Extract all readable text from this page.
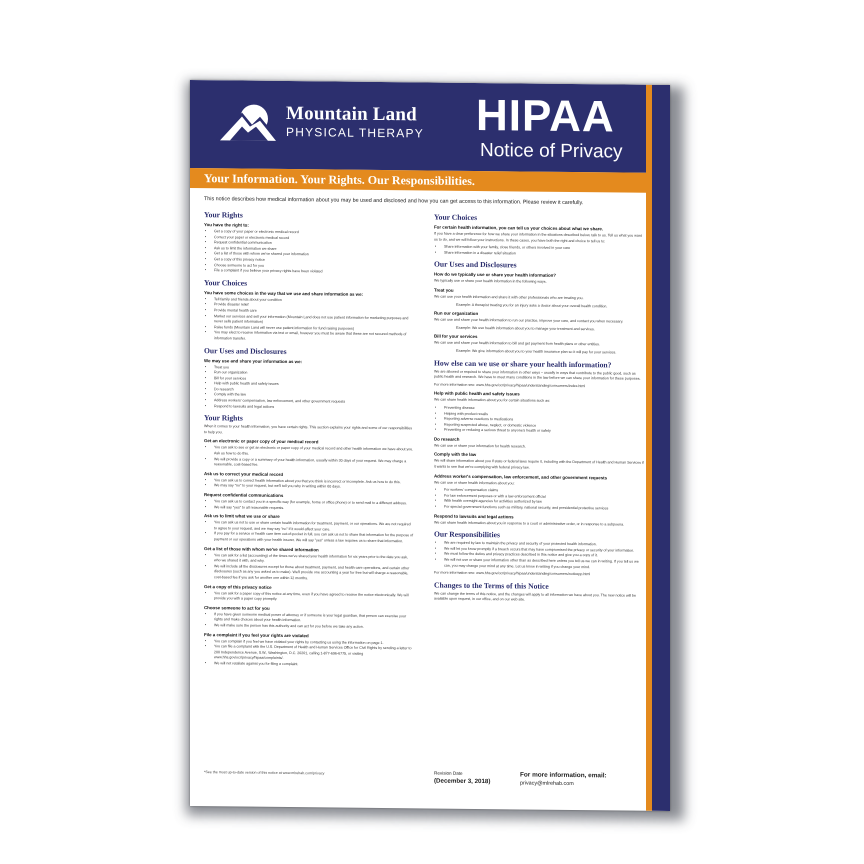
Mountain Land
PHYSICAL THERAPY HIPAA
Notice of Privacy
Your Information. Your Rights. Our Responsibilities.
This notice describes how medical information about you may be used and disclosed and how you can get access to this information. Please review it carefully.
Your Rights
You have the right to:
• Get a copy of your paper or electronic medical record
• Correct your paper or electronic medical record
• Request confidential communication
• Ask us to limit the information we share
• Get a list of those with whom we've shared your information
• Get a copy of this privacy notice
• Choose someone to act for you
• File a complaint if you believe your privacy rights have been violated
Your Choices
You have some choices in the way that we use and share information as we:
• Tell family and friends about your condition
• Provide disaster relief
• Provide mental health care
• Market our services and sell your information (Mountain Land does not use patient information for marketing purposes and never sells patient information)
• Raise funds (Mountain Land will never use patient information for fund raising purposes)
• You may elect to receive information via text or email, however you must be aware that these are not secured methods of information transfer.
Our Uses and Disclosures
We may use and share your information as we:
• Treat you
• Run our organization
• Bill for your services
• Help with public health and safety issues
• Do research
• Comply with the law
• Address workers' compensation, law enforcement, and other government requests
• Respond to lawsuits and legal actions
Your Rights
When it comes to your health information, you have certain rights. This section explains your rights and some of our responsibilities to help you.
Get an electronic or paper copy of your medical record
• You can ask to see or get an electronic or paper copy of your medical record and other health information we have about you. Ask us how to do this.
• We will provide a copy or a summary of your health information, usually within 30 days of your request. We may charge a reasonable, cost-based fee.
Ask us to correct your medical record
• You can ask us to correct health information about you that you think is incorrect or incomplete. Ask us how to do this.
• We may say "no" to your request, but we'll tell you why in writing within 60 days.
Request confidential communications
• You can ask us to contact you in a specific way (for example, home or office phone) or to send mail to a different address.
• We will say "yes" to all reasonable requests.
Ask us to limit what we use or share
• You can ask us not to use or share certain health information for treatment, payment, or our operations. We are not required to agree to your request, and we may say "no" if it would affect your care.
• If you pay for a service or health care item out-of-pocket in full, you can ask us not to share that information for the purpose of payment or our operations with your health insurer. We will say "yes" unless a law requires us to share that information.
Get a list of those with whom we've shared information
• You can ask for a list (accounting) of the times we've shared your health information for six years prior to the date you ask, who we shared it with, and why.
• We will include all the disclosures except for those about treatment, payment, and health care operations, and certain other disclosures (such as any you asked us to make). We'll provide one accounting a year for free but will charge a reasonable, cost-based fee if you ask for another one within 12 months.
Get a copy of this privacy notice
• You can ask for a paper copy of this notice at any time, even if you have agreed to receive the notice electronically. We will provide you with a paper copy promptly.
Choose someone to act for you
• If you have given someone medical power of attorney or if someone is your legal guardian, that person can exercise your rights and make choices about your health information.
• We will make sure the person has this authority and can act for you before we take any action.
File a complaint if you feel your rights are violated
• You can complain if you feel we have violated your rights by contacting us using the information on page 1.
• You can file a complaint with the U.S. Department of Health and Human Services Office for Civil Rights by sending a letter to 200 Independence Avenue, S.W., Washington, D.C. 20201, calling 1-877-696-6775, or visiting www.hhs.gov/ocr/privacy/hipaa/complaints/.
• We will not retaliate against you for filing a complaint.
Your Choices
For certain health information, you can tell us your choices about what we share.
If you have a clear preference for how we share your information in the situations described below, talk to us. Tell us what you want us to do, and we will follow your instructions. In these cases, you have both the right and choice to tell us to:
• Share information with your family, close friends, or others involved in your care
• Share information in a disaster relief situation
Our Uses and Disclosures
How do we typically use or share your health information?
We typically use or share your health information in the following ways.
Treat you
We can use your health information and share it with other professionals who are treating you.
Example: A therapist treating you for an injury asks a doctor about your overall health condition.
Run our organization
We can use and share your health information to run our practice, improve your care, and contact you when necessary.
Example: We use health information about you to manage your treatment and services.
Bill for your services
We can use and share your health information to bill and get payment from health plans or other entities.
Example: We give information about you to your health insurance plan so it will pay for your services.
How else can we use or share your health information?
We are allowed or required to share your information in other ways – usually in ways that contribute to the public good, such as public health and research. We have to meet many conditions in the law before we can share your information for these purposes.
For more information see: www.hhs.gov/ocr/privacy/hipaa/understanding/consumers/index.html
Help with public health and safety issues
We can share health information about you for certain situations such as:
• Preventing disease
• Helping with product recalls
• Reporting adverse reactions to medications
• Reporting suspected abuse, neglect, or domestic violence
• Preventing or reducing a serious threat to anyone's health or safety
Do research
We can use or share your information for health research.
Comply with the law
We will share information about you if state or federal laws require it, including with the Department of Health and Human Services if it wants to see that we're complying with federal privacy law.
Address worker's compensation, law enforcement, and other government requests
We can use or share health information about you:
• For workers' compensation claims
• For law enforcement purposes or with a law enforcement official
• With health oversight agencies for activities authorized by law
• For special government functions such as military, national security, and presidential protective services
Respond to lawsuits and legal actions
We can share health information about you in response to a court or administrative order, or in response to a subpoena.
Our Responsibilities
• We are required by law to maintain the privacy and security of your protected health information.
• We will let you know promptly if a breach occurs that may have compromised the privacy or security of your information.
• We must follow the duties and privacy practices described in this notice and give you a copy of it.
• We will not use or share your information other than as described here unless you tell us we can in writing. If you tell us we can, you may change your mind at any time. Let us know in writing if you change your mind.
For more information see: www.hhs.gov/ocr/privacy/hipaa/understanding/consumers/noticepp.html
Changes to the Terms of this Notice
We can change the terms of this notice, and the changes will apply to all information we have about you. The new notice will be available upon request, in our office, and on our web site.
*See the most up-to-date version of this notice at www.mlrehab.com/privacy	Revision Date
(December 3, 2018)
For more information, email:
privacy@mlrehab.com
